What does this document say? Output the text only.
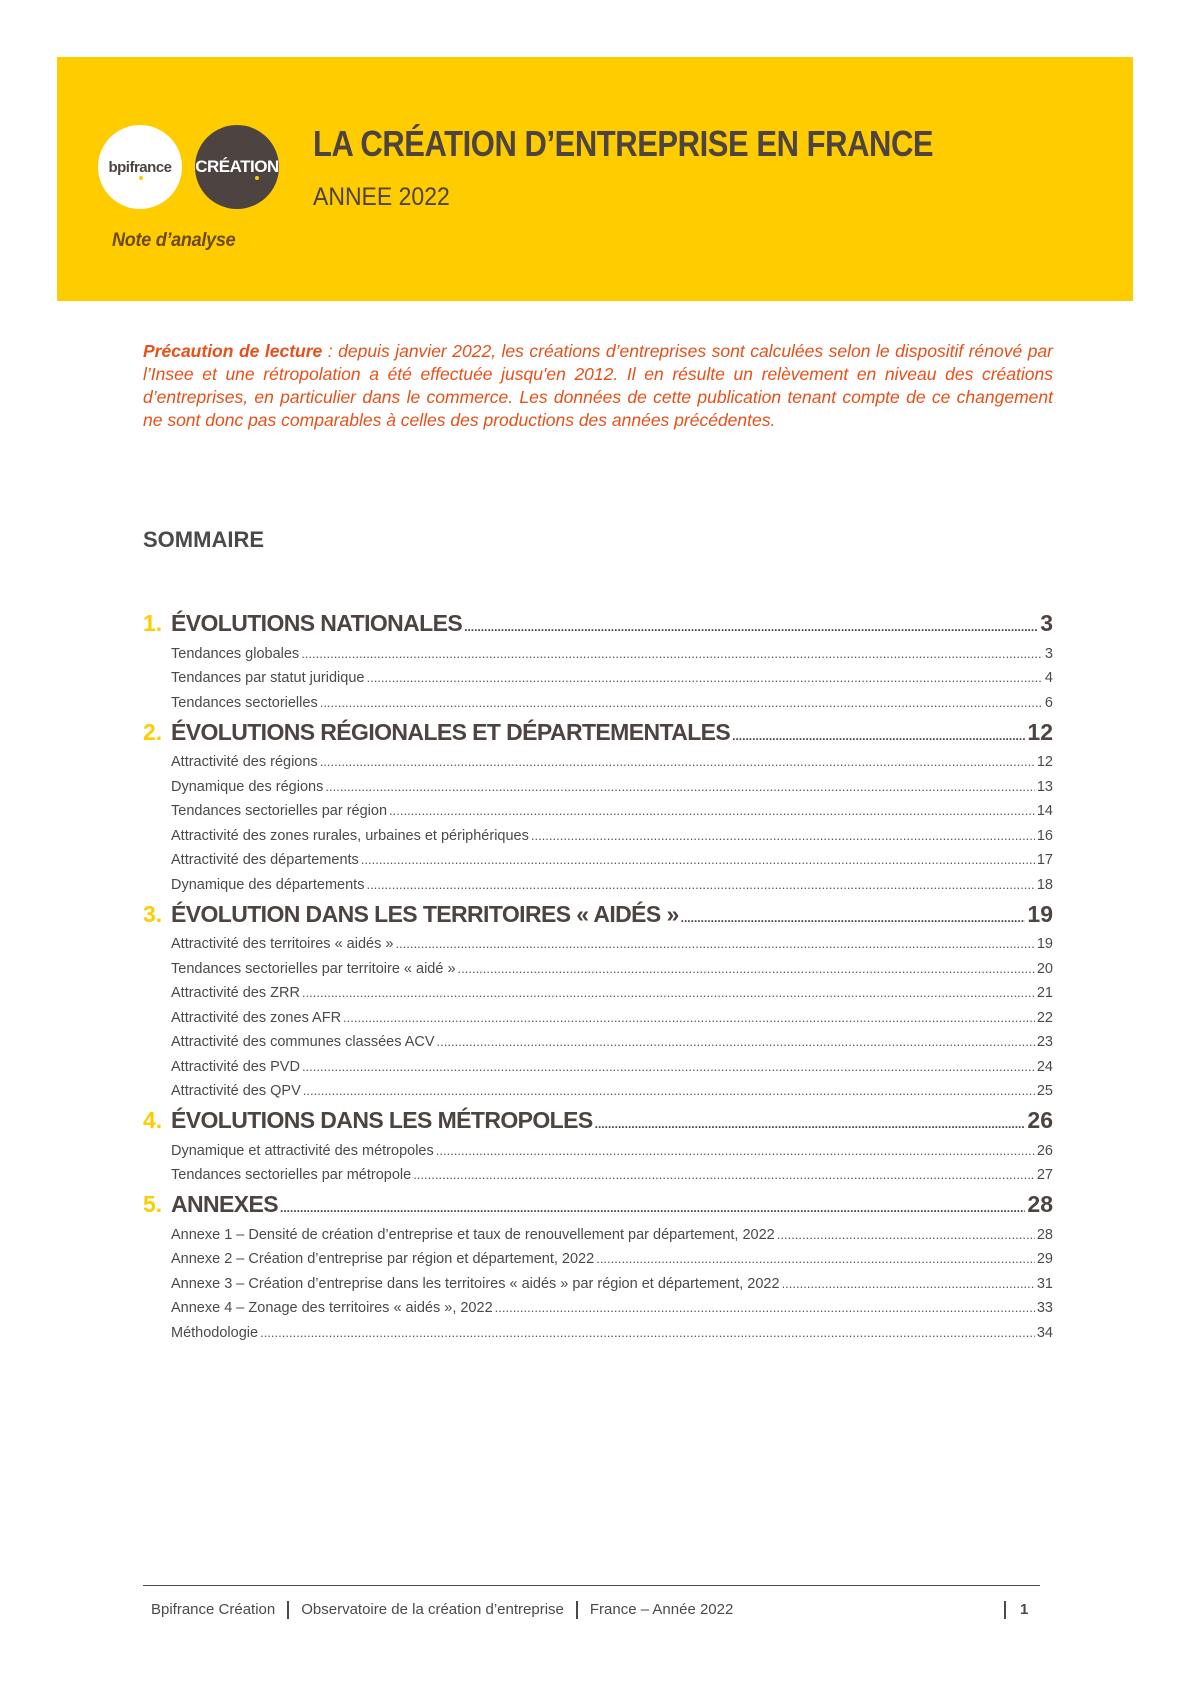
bpifrance CRÉATION
Note d’analyse
LA CRÉATION D’ENTREPRISE EN FRANCE
ANNEE 2022
Précaution de lecture : depuis janvier 2022, les créations d’entreprises sont calculées selon le dispositif rénové par l’Insee et une rétropolation a été effectuée jusqu'en 2012. Il en résulte un relèvement en niveau des créations d’entreprises, en particulier dans le commerce. Les données de cette publication tenant compte de ce changement ne sont donc pas comparables à celles des productions des années précédentes.
SOMMAIRE
1. ÉVOLUTIONS NATIONALES .....	3
Tendances globales .....	3
Tendances par statut juridique .....	4
Tendances sectorielles .....	6
2. ÉVOLUTIONS RÉGIONALES ET DÉPARTEMENTALES .....	12
Attractivité des régions .....	12
Dynamique des régions .....	13
Tendances sectorielles par région .....	14
Attractivité des zones rurales, urbaines et périphériques .....	16
Attractivité des départements .....	17
Dynamique des départements .....	18
3. ÉVOLUTION DANS LES TERRITOIRES « AIDÉS » .....	19
Attractivité des territoires « aidés » .....	19
Tendances sectorielles par territoire « aidé » .....	20
Attractivité des ZRR .....	21
Attractivité des zones AFR .....	22
Attractivité des communes classées ACV .....	23
Attractivité des PVD .....	24
Attractivité des QPV .....	25
4. ÉVOLUTIONS DANS LES MÉTROPOLES .....	26
Dynamique et attractivité des métropoles .....	26
Tendances sectorielles par métropole .....	27
5. ANNEXES .....	28
Annexe 1 – Densité de création d’entreprise et taux de renouvellement par département, 2022 .....	28
Annexe 2 – Création d’entreprise par région et département, 2022 .....	29
Annexe 3 – Création d’entreprise dans les territoires « aidés » par région et département, 2022 .....	31
Annexe 4 – Zonage des territoires « aidés », 2022 .....	33
Méthodologie .....	34
Bpifrance Création Observatoire de la création d’entreprise France – Année 2022	1
